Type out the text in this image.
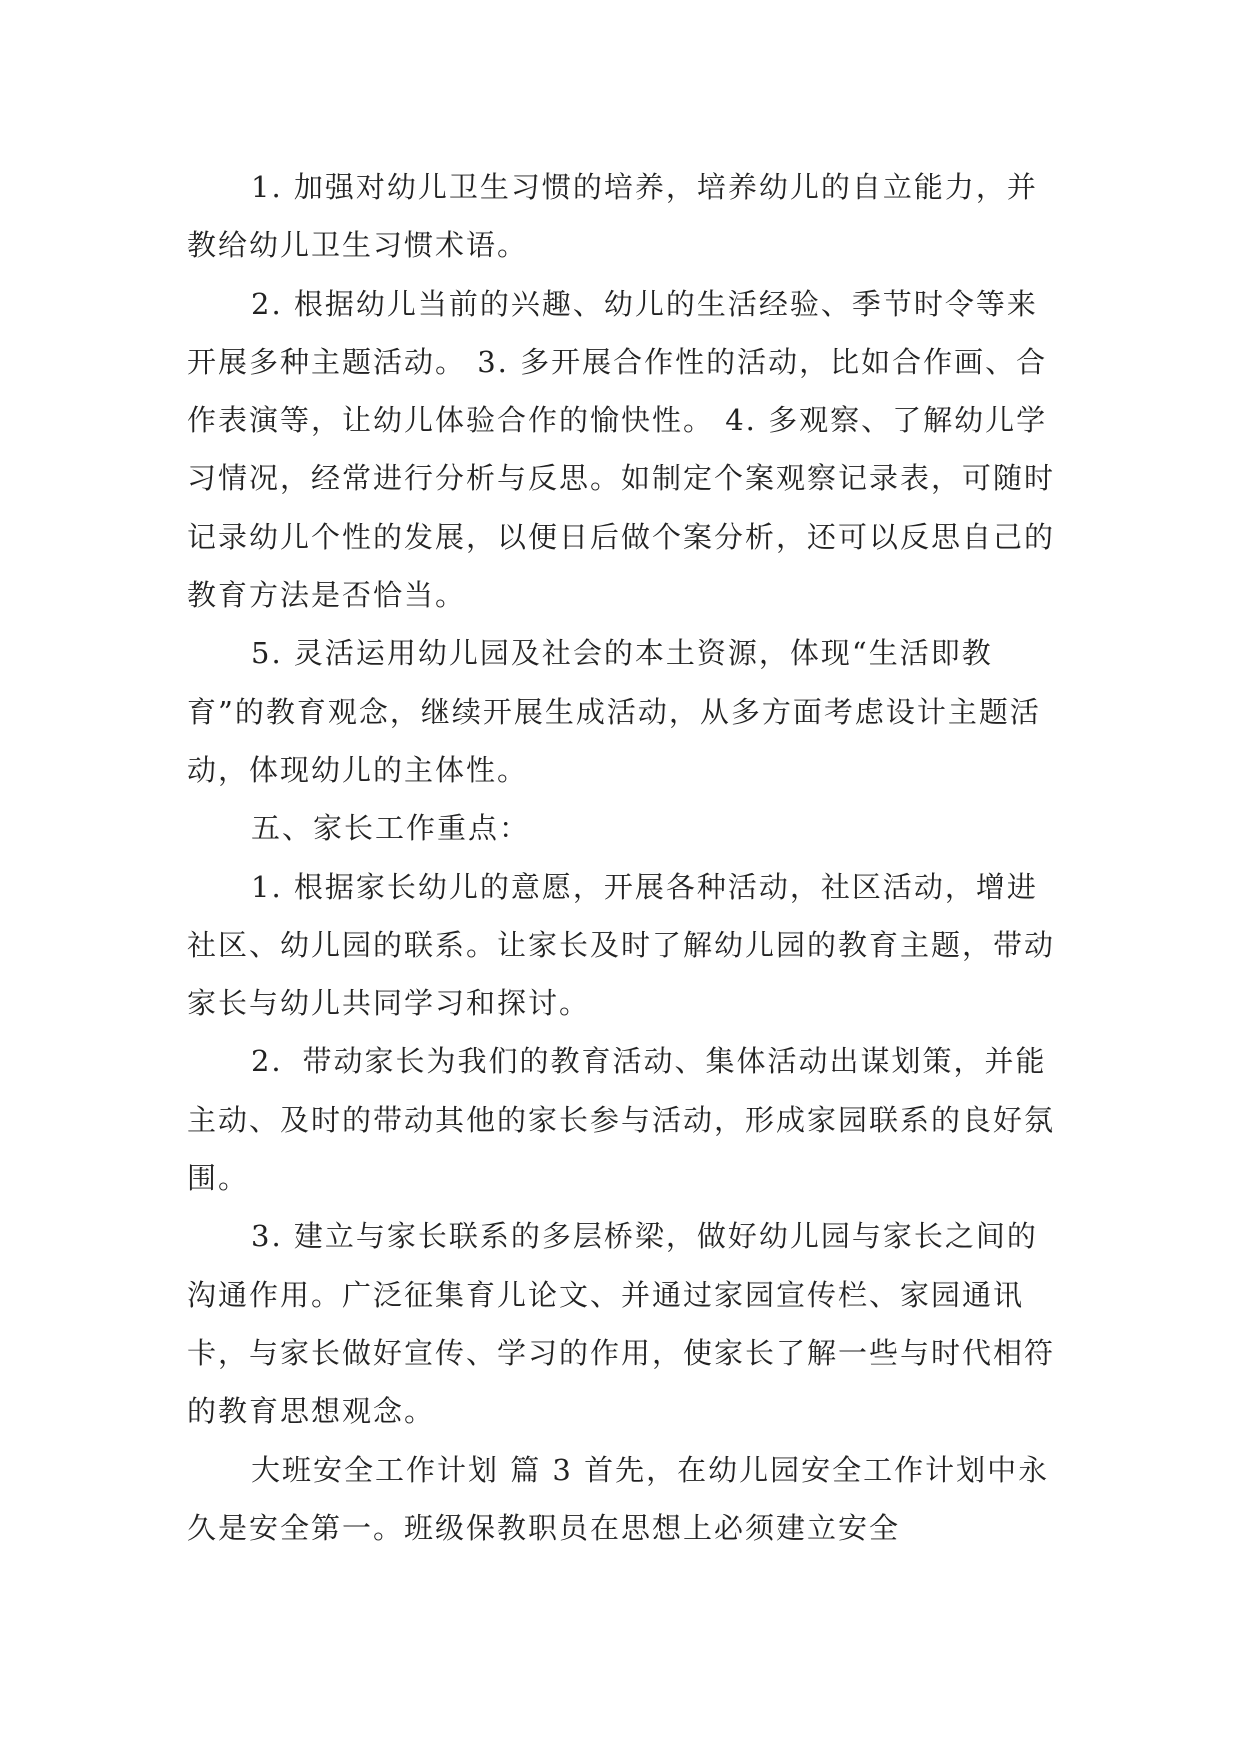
1. 加强对幼儿卫生习惯的培养，培养幼儿的自立能力，并教给幼儿卫生习惯术语。

2. 根据幼儿当前的兴趣、幼儿的生活经验、季节时令等来开展多种主题活动。 3. 多开展合作性的活动，比如合作画、合作表演等，让幼儿体验合作的愉快性。 4. 多观察、了解幼儿学习情况，经常进行分析与反思。如制定个案观察记录表，可随时记录幼儿个性的发展，以便日后做个案分析，还可以反思自己的教育方法是否恰当。

5. 灵活运用幼儿园及社会的本土资源，体现“生活即教育”的教育观念，继续开展生成活动，从多方面考虑设计主题活动，体现幼儿的主体性。

五、家长工作重点：

1. 根据家长幼儿的意愿，开展各种活动，社区活动，增进社区、幼儿园的联系。让家长及时了解幼儿园的教育主题，带动家长与幼儿共同学习和探讨。

2．带动家长为我们的教育活动、集体活动出谋划策，并能主动、及时的带动其他的家长参与活动，形成家园联系的良好氛围。

3. 建立与家长联系的多层桥梁，做好幼儿园与家长之间的沟通作用。广泛征集育儿论文、并通过家园宣传栏、家园通讯卡，与家长做好宣传、学习的作用，使家长了解一些与时代相符的教育思想观念。

大班安全工作计划 篇 3 首先，在幼儿园安全工作计划中永久是安全第一。班级保教职员在思想上必须建立安全
